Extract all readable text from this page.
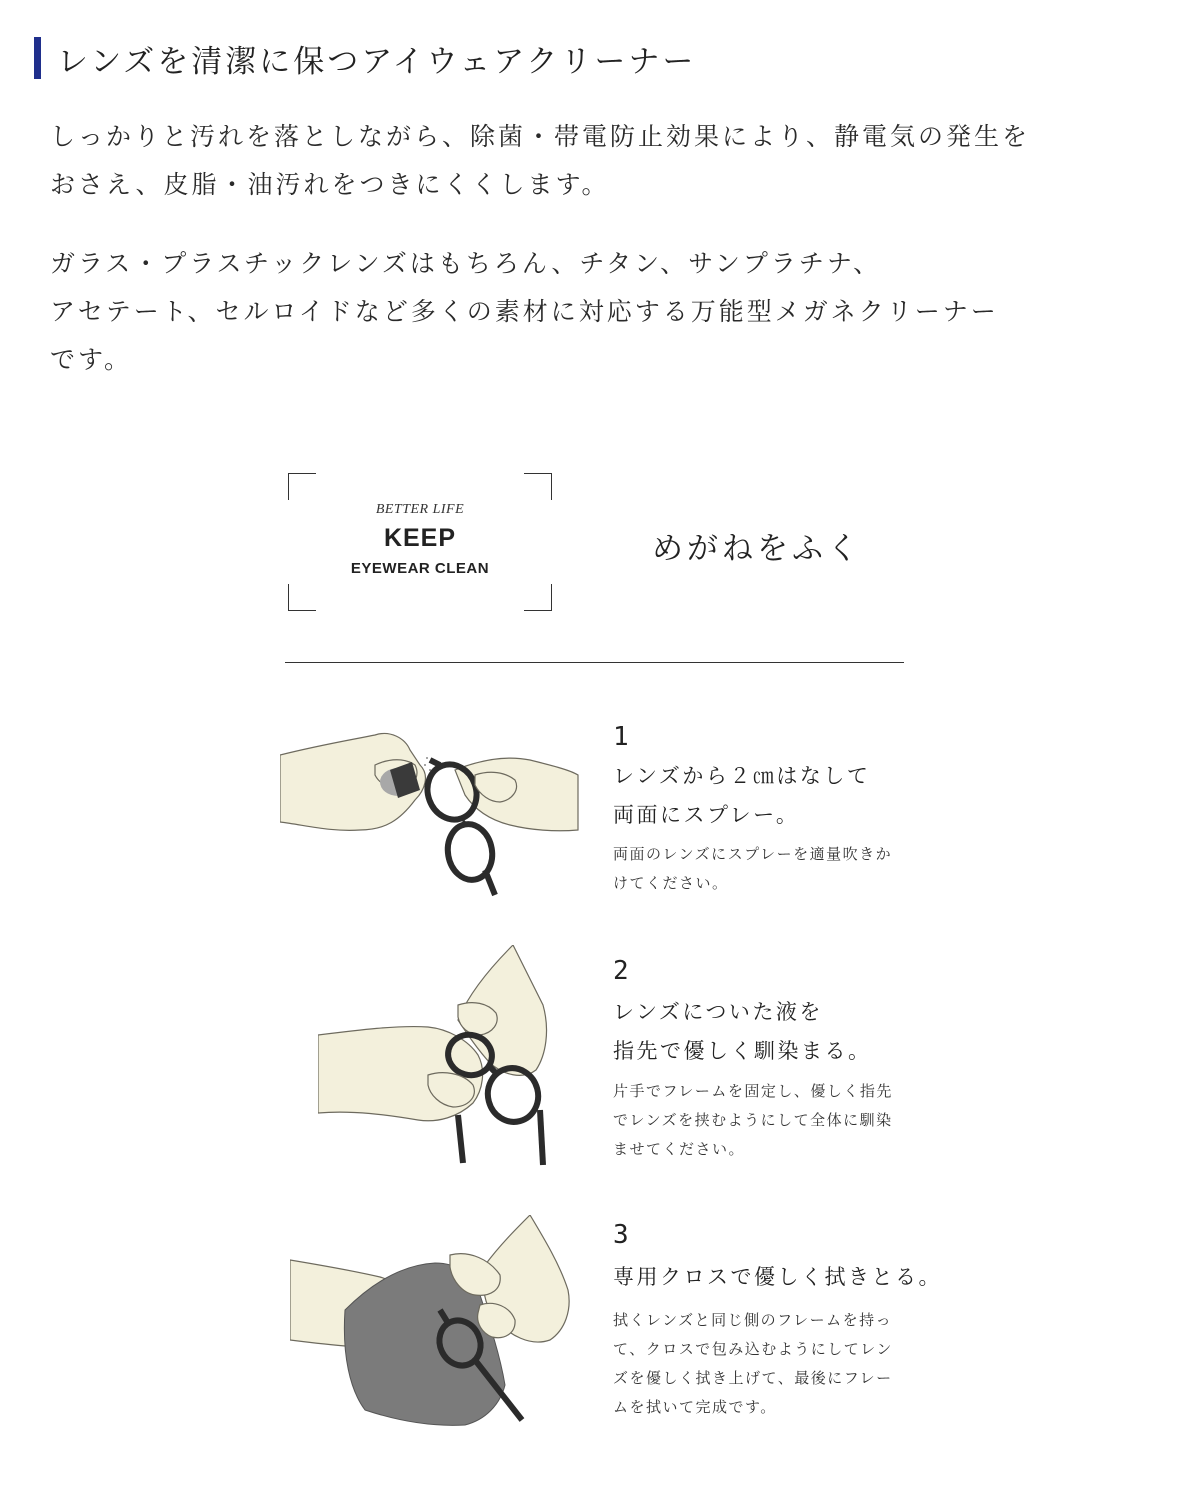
レンズを清潔に保つアイウェアクリーナー

しっかりと汚れを落としながら、除菌・帯電防止効果により、静電気の発生を
おさえ、皮脂・油汚れをつきにくくします。

ガラス・プラスチックレンズはもちろん、チタン、サンプラチナ、
アセテート、セルロイドなど多くの素材に対応する万能型メガネクリーナー
です。

BETTER LIFE
KEEP
EYEWEAR CLEAN
めがねをふく
1
レンズから２㎝はなして
両面にスプレー。
両面のレンズにスプレーを適量吹きか
けてください。
2
レンズについた液を
指先で優しく馴染まる。
片手でフレームを固定し、優しく指先
でレンズを挟むようにして全体に馴染
ませてください。
3
専用クロスで優しく拭きとる。
拭くレンズと同じ側のフレームを持っ
て、クロスで包み込むようにしてレン
ズを優しく拭き上げて、最後にフレー
ムを拭いて完成です。
